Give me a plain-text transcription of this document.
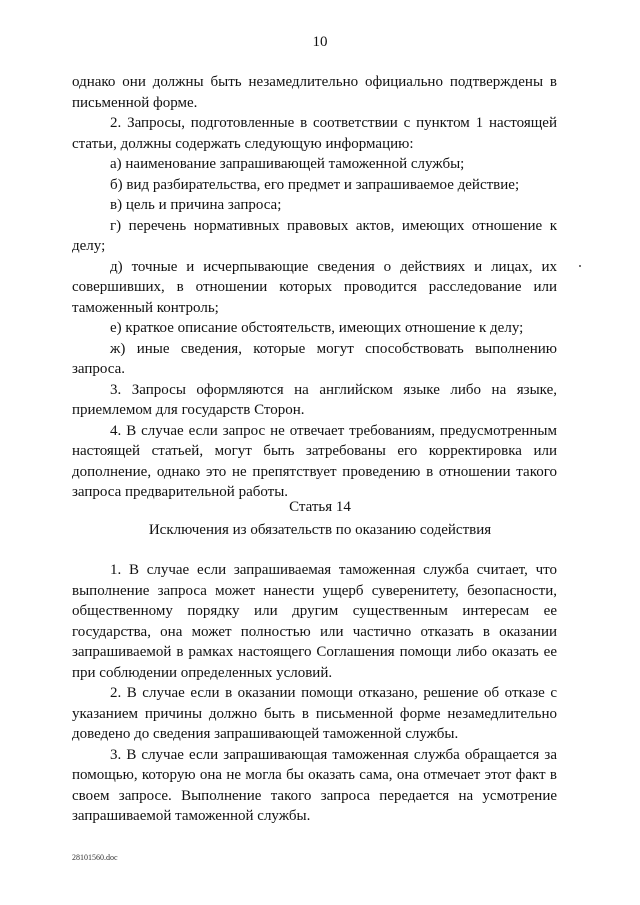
10

однако они должны быть незамедлительно официально подтверждены в письменной форме.

2. Запросы, подготовленные в соответствии с пунктом 1 настоящей статьи, должны содержать следующую информацию:

а) наименование запрашивающей таможенной службы;

б) вид разбирательства, его предмет и запрашиваемое действие;

в) цель и причина запроса;

г) перечень нормативных правовых актов, имеющих отношение к делу;

д) точные и исчерпывающие сведения о действиях и лицах, их совершивших, в отношении которых проводится расследование или таможенный контроль;

е) краткое описание обстоятельств, имеющих отношение к делу;

ж) иные сведения, которые могут способствовать выполнению запроса.

3. Запросы оформляются на английском языке либо на языке, приемлемом для государств Сторон.

4. В случае если запрос не отвечает требованиям, предусмотренным настоящей статьей, могут быть затребованы его корректировка или дополнение, однако это не препятствует проведению в отношении такого запроса предварительной работы.

Статья 14
Исключения из обязательств по оказанию содействия

1. В случае если запрашиваемая таможенная служба считает, что выполнение запроса может нанести ущерб суверенитету, безопасности, общественному порядку или другим существенным интересам ее государства, она может полностью или частично отказать в оказании запрашиваемой в рамках настоящего Соглашения помощи либо оказать ее при соблюдении определенных условий.

2. В случае если в оказании помощи отказано, решение об отказе с указанием причины должно быть в письменной форме незамедлительно доведено до сведения запрашивающей таможенной службы.

3. В случае если запрашивающая таможенная служба обращается за помощью, которую она не могла бы оказать сама, она отмечает этот факт в своем запросе. Выполнение такого запроса передается на усмотрение запрашиваемой таможенной службы.

28101560.doc
